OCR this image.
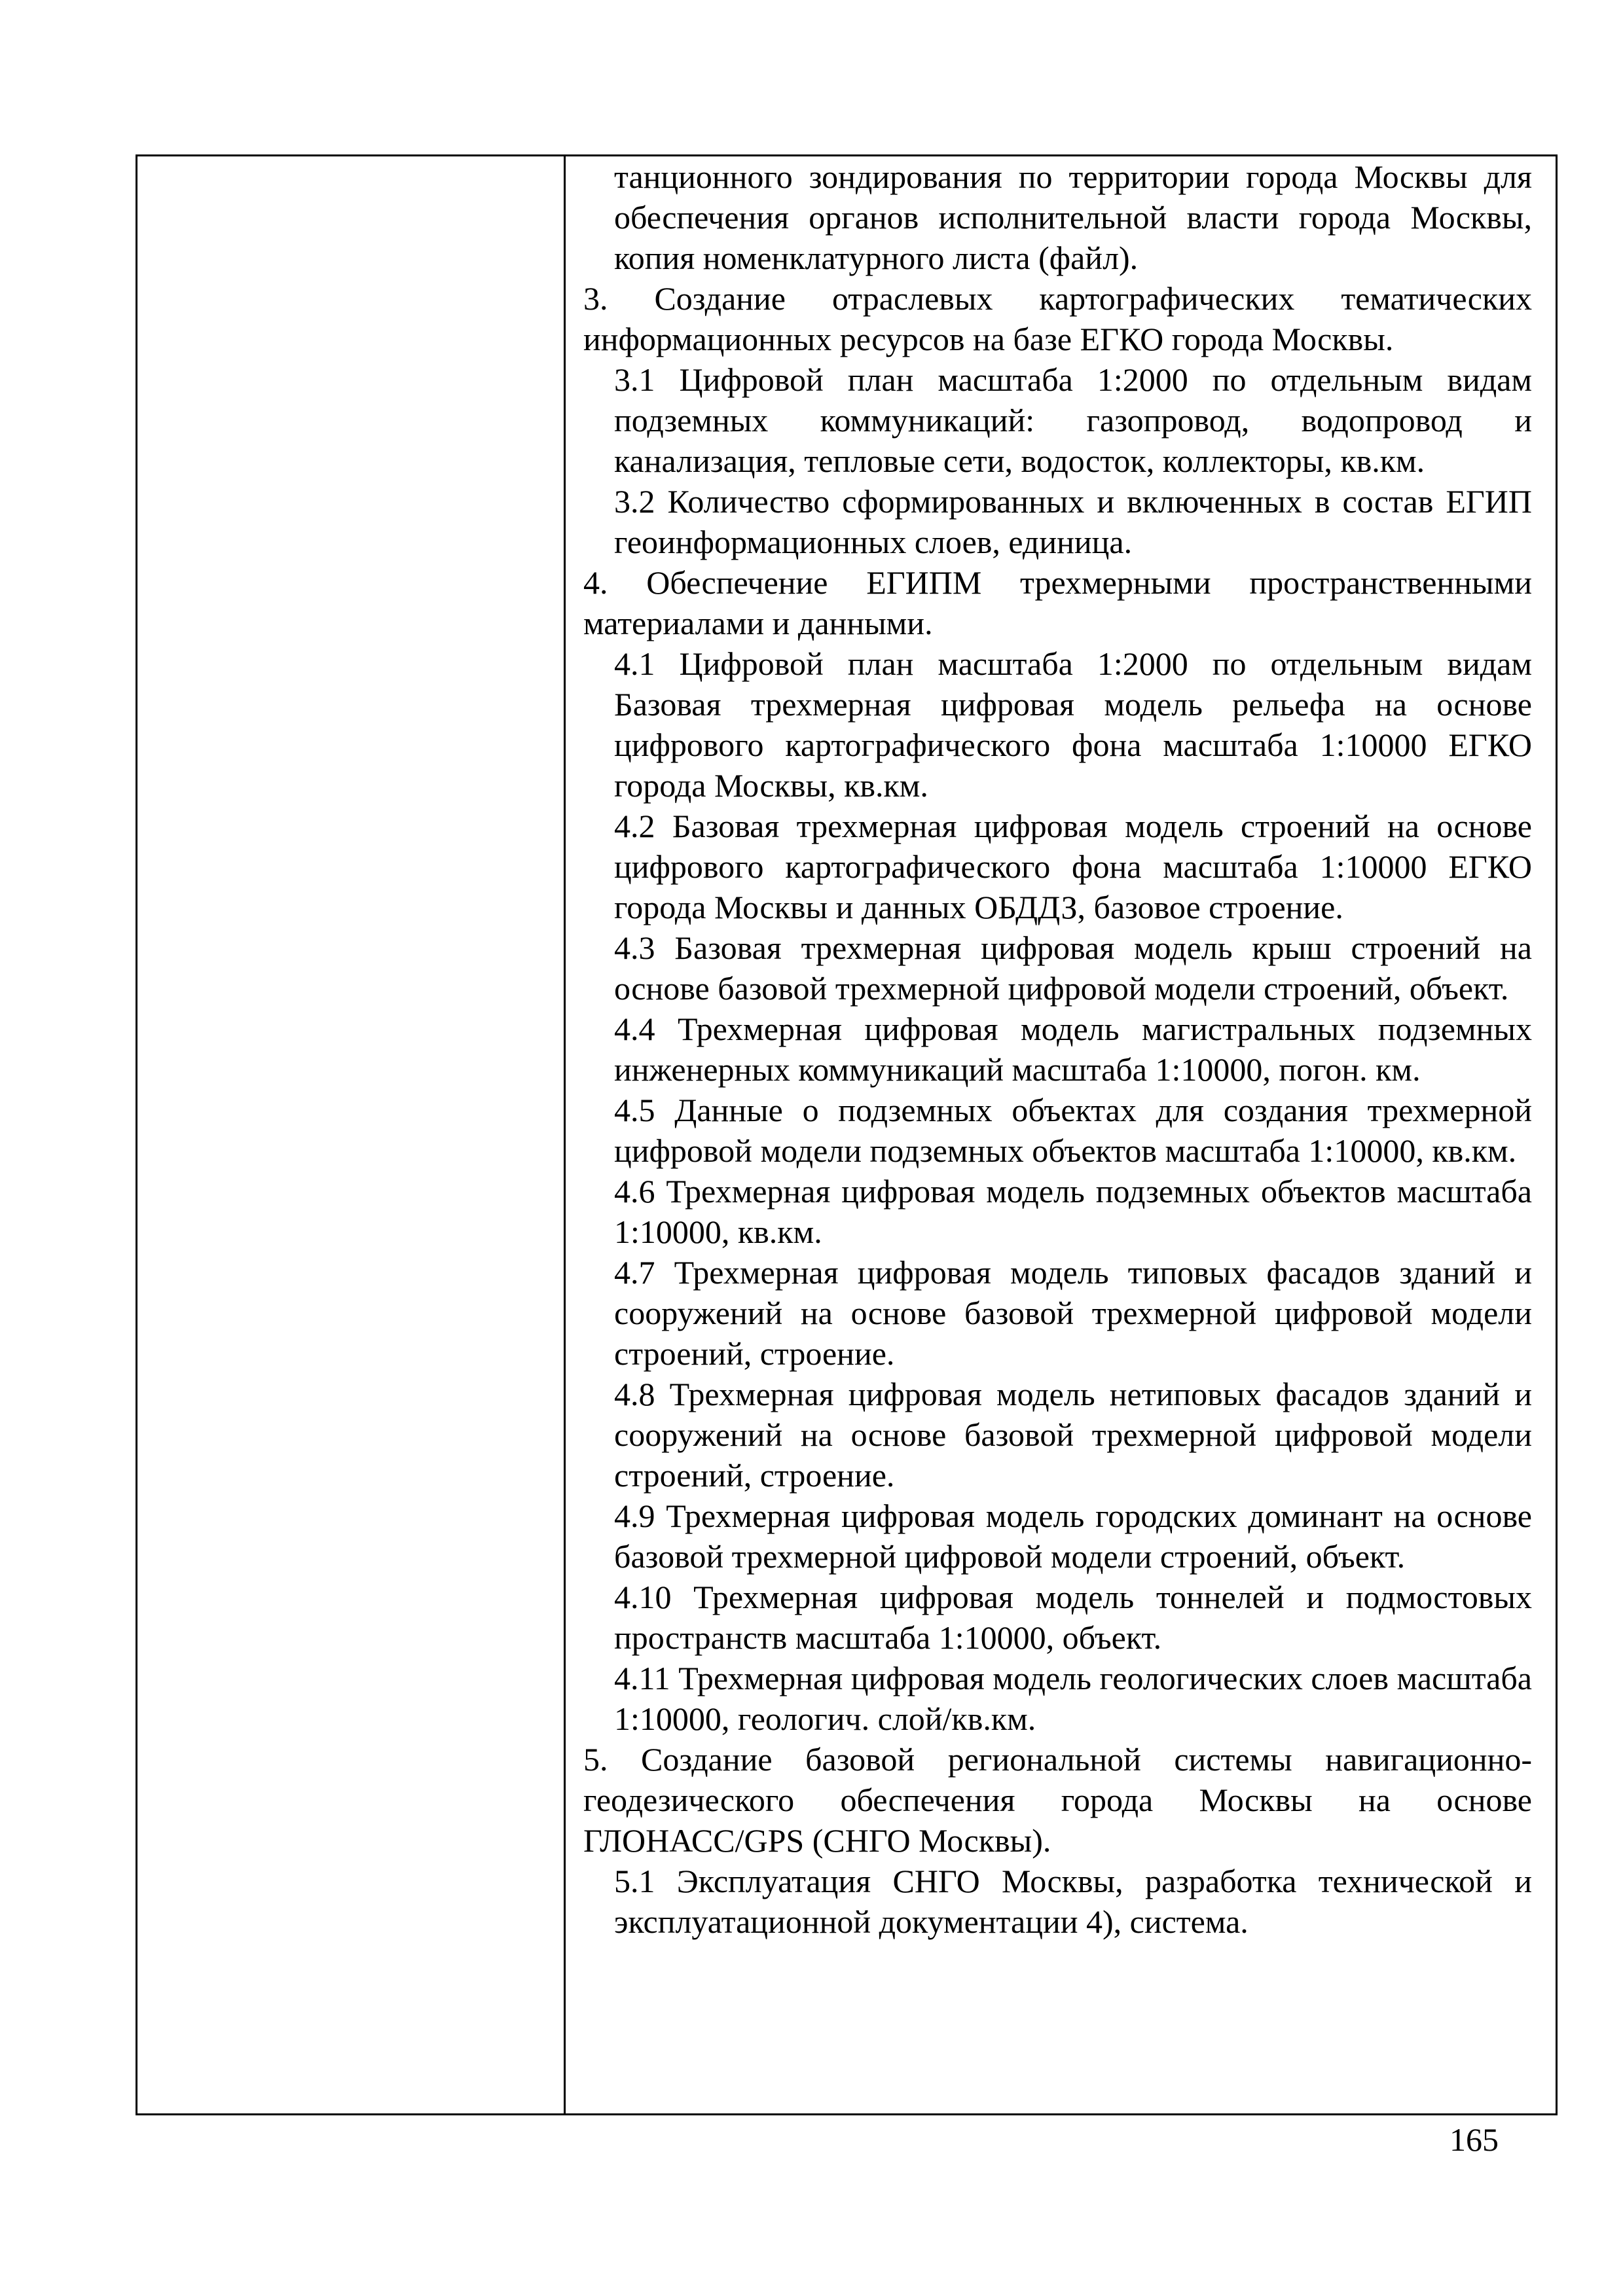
танционного зондирования по территории города Москвы для обеспечения органов исполнительной власти города Москвы, копия номенклатурного листа (файл).

3. Создание отраслевых картографических тематических информационных ресурсов на базе ЕГКО города Москвы.

3.1 Цифровой план масштаба 1:2000 по отдельным видам подземных коммуникаций: газопровод, водопровод и канализация, тепловые сети, водосток, коллекторы, кв.км.

3.2 Количество сформированных и включенных в состав ЕГИП геоинформационных слоев, единица.

4. Обеспечение ЕГИПМ трехмерными пространственными материалами и данными.

4.1 Цифровой план масштаба 1:2000 по отдельным видам Базовая трехмерная цифровая модель рельефа на основе цифрового картографического фона масштаба 1:10000 ЕГКО города Москвы, кв.км.

4.2 Базовая трехмерная цифровая модель строений на основе цифрового картографического фона масштаба 1:10000 ЕГКО города Москвы и данных ОБДДЗ, базовое строение.

4.3 Базовая трехмерная цифровая модель крыш строений на основе базовой трехмерной цифровой модели строений, объект.

4.4 Трехмерная цифровая модель магистральных подземных инженерных коммуникаций масштаба 1:10000, погон. км.

4.5 Данные о подземных объектах для создания трехмерной цифровой модели подземных объектов масштаба 1:10000, кв.км.

4.6 Трехмерная цифровая модель подземных объектов масштаба 1:10000, кв.км.

4.7 Трехмерная цифровая модель типовых фасадов зданий и сооружений на основе базовой трехмерной цифровой модели строений, строение.

4.8 Трехмерная цифровая модель нетиповых фасадов зданий и сооружений на основе базовой трехмерной цифровой модели строений, строение.

4.9 Трехмерная цифровая модель городских доминант на основе базовой трехмерной цифровой модели строений, объект.

4.10 Трехмерная цифровая модель тоннелей и подмостовых пространств масштаба 1:10000, объект.

4.11 Трехмерная цифровая модель геологических слоев масштаба 1:10000, геологич. слой/кв.км.

5. Создание базовой региональной системы навигационно-геодезического обеспечения города Москвы на основе ГЛОНАСС/GPS (СНГО Москвы).

5.1 Эксплуатация СНГО Москвы, разработка технической и эксплуатационной документации 4), система.

165
